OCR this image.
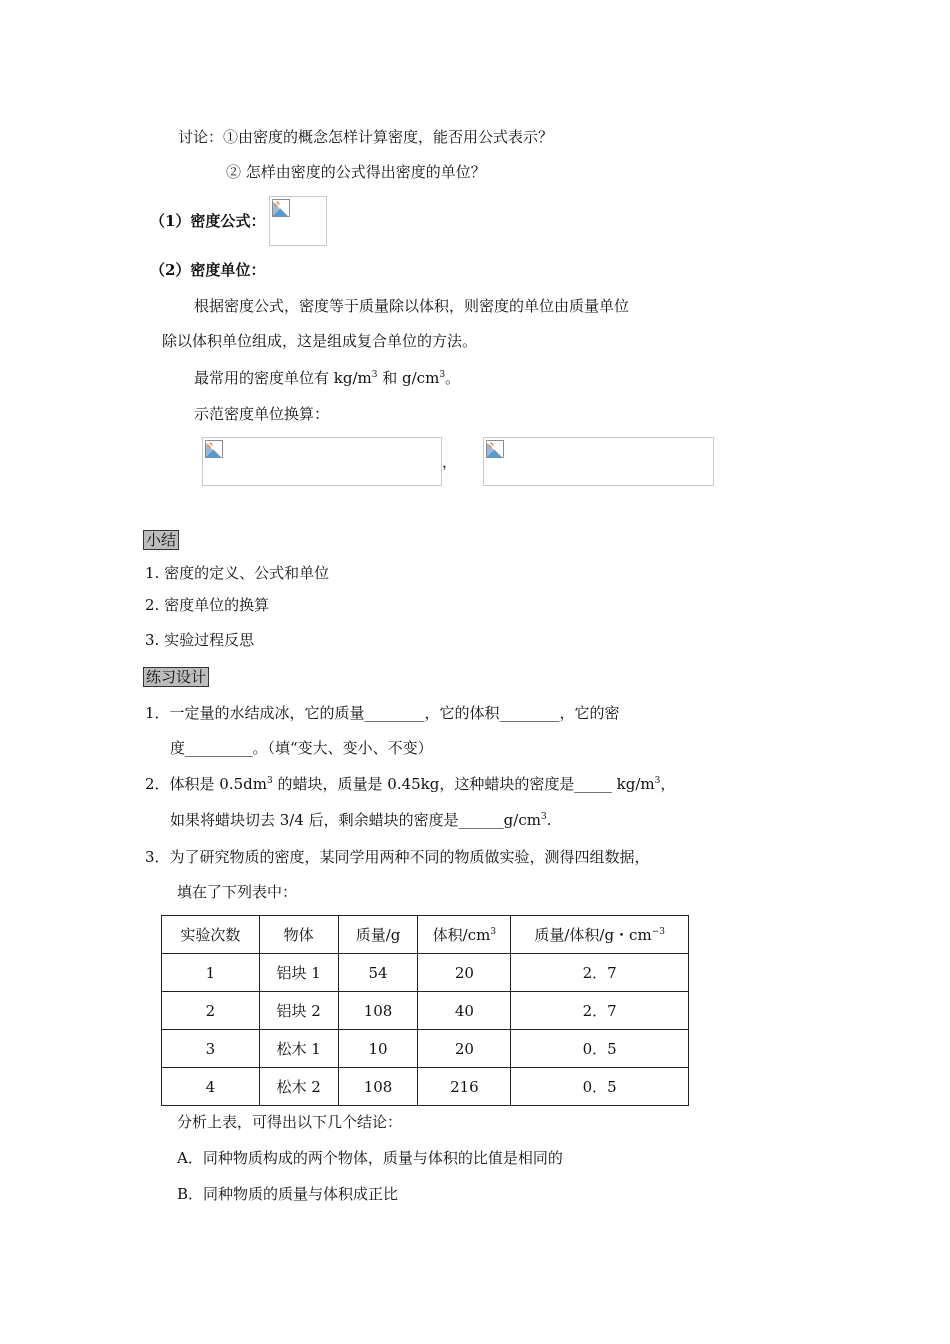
讨论：①由密度的概念怎样计算密度，能否用公式表示？
② 怎样由密度的公式得出密度的单位？
（1）密度公式：
（2）密度单位：
根据密度公式，密度等于质量除以体积，则密度的单位由质量单位
除以体积单位组成，这是组成复合单位的方法。
最常用的密度单位有 $kg/m^3$ 和 $g/cm^3$。
示范密度单位换算：
，
小结
1. 密度的定义、公式和单位
2. 密度单位的换算
3. 实验过程反思
练习设计
1．一定量的水结成冰，它的质量________，它的体积________，它的密
度_________。（填“变大、变小、不变）
2．体积是 $0.5dm^3$ 的蜡块，质量是 0.45kg，这种蜡块的密度是_____ $kg/m^3$，
如果将蜡块切去 3/4 后，剩余蜡块的密度是$\_\_\_\_\_\_g/cm^3$.
3．为了研究物质的密度，某同学用两种不同的物质做实验，测得四组数据，
填在了下列表中：
实验次数	物体	质量/g	体积$/cm^3$	质量/体积/g・$cm^{-3}$
1	铝块 1	54	20	2．7
2	铝块 2	108	40	2．7
3	松木 1	10	20	0．5
4	松木 2	108	216	0．5
分析上表，可得出以下几个结论：
A．同种物质构成的两个物体，质量与体积的比值是相同的
B．同种物质的质量与体积成正比
